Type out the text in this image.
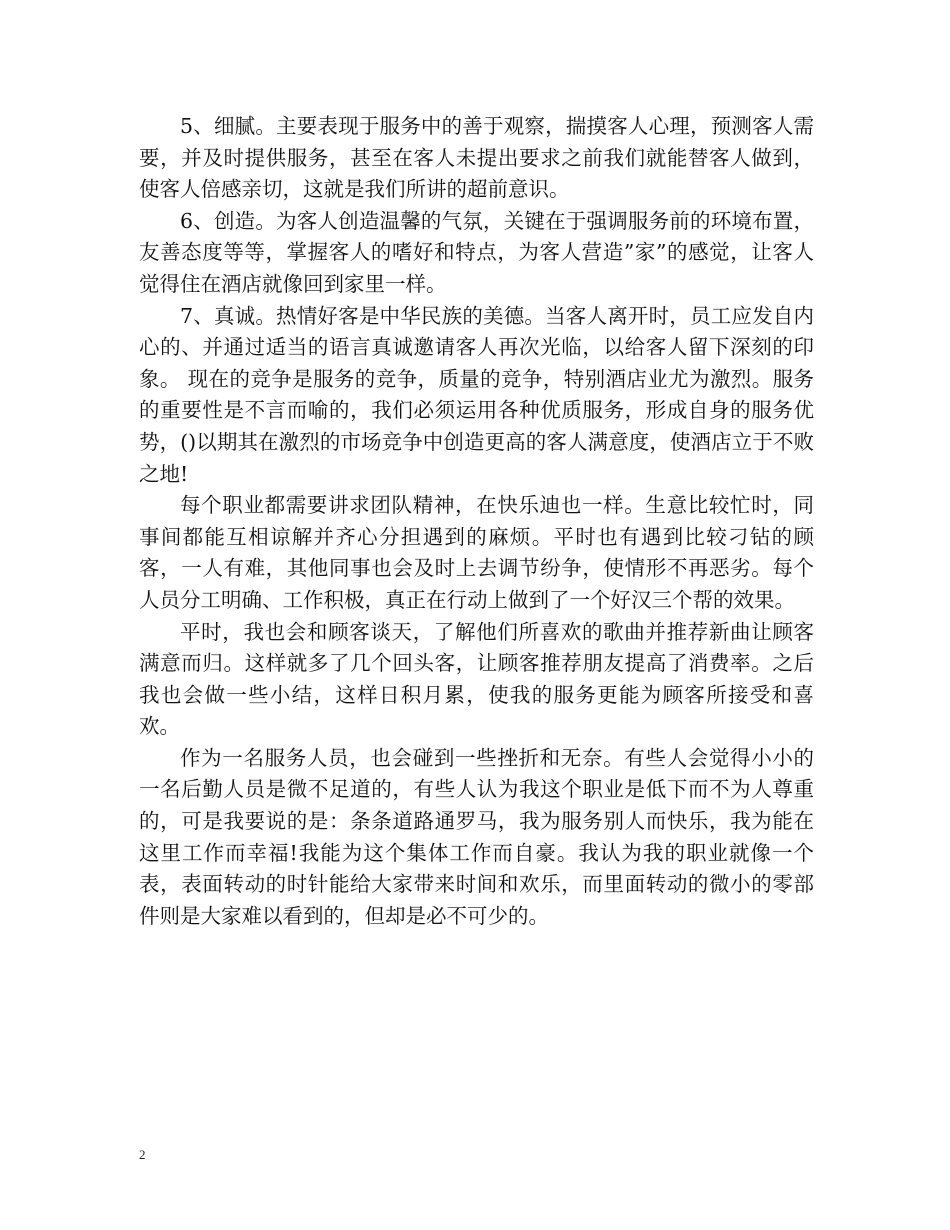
5、细腻。主要表现于服务中的善于观察，揣摸客人心理，预测客人需要，并及时提供服务，甚至在客人未提出要求之前我们就能替客人做到，使客人倍感亲切，这就是我们所讲的超前意识。

6、创造。为客人创造温馨的气氛，关键在于强调服务前的环境布置，友善态度等等，掌握客人的嗜好和特点，为客人营造”家”的感觉，让客人觉得住在酒店就像回到家里一样。

7、真诚。热情好客是中华民族的美德。当客人离开时，员工应发自内心的、并通过适当的语言真诚邀请客人再次光临，以给客人留下深刻的印象。 现在的竞争是服务的竞争，质量的竞争，特别酒店业尤为激烈。服务的重要性是不言而喻的，我们必须运用各种优质服务，形成自身的服务优势，()以期其在激烈的市场竞争中创造更高的客人满意度，使酒店立于不败之地!

每个职业都需要讲求团队精神，在快乐迪也一样。生意比较忙时，同事间都能互相谅解并齐心分担遇到的麻烦。平时也有遇到比较刁钻的顾客，一人有难，其他同事也会及时上去调节纷争，使情形不再恶劣。每个人员分工明确、工作积极，真正在行动上做到了一个好汉三个帮的效果。

平时，我也会和顾客谈天，了解他们所喜欢的歌曲并推荐新曲让顾客满意而归。这样就多了几个回头客，让顾客推荐朋友提高了消费率。之后我也会做一些小结，这样日积月累，使我的服务更能为顾客所接受和喜欢。

作为一名服务人员，也会碰到一些挫折和无奈。有些人会觉得小小的一名后勤人员是微不足道的，有些人认为我这个职业是低下而不为人尊重的，可是我要说的是：条条道路通罗马，我为服务别人而快乐，我为能在这里工作而幸福!我能为这个集体工作而自豪。我认为我的职业就像一个表，表面转动的时针能给大家带来时间和欢乐，而里面转动的微小的零部件则是大家难以看到的，但却是必不可少的。

2
